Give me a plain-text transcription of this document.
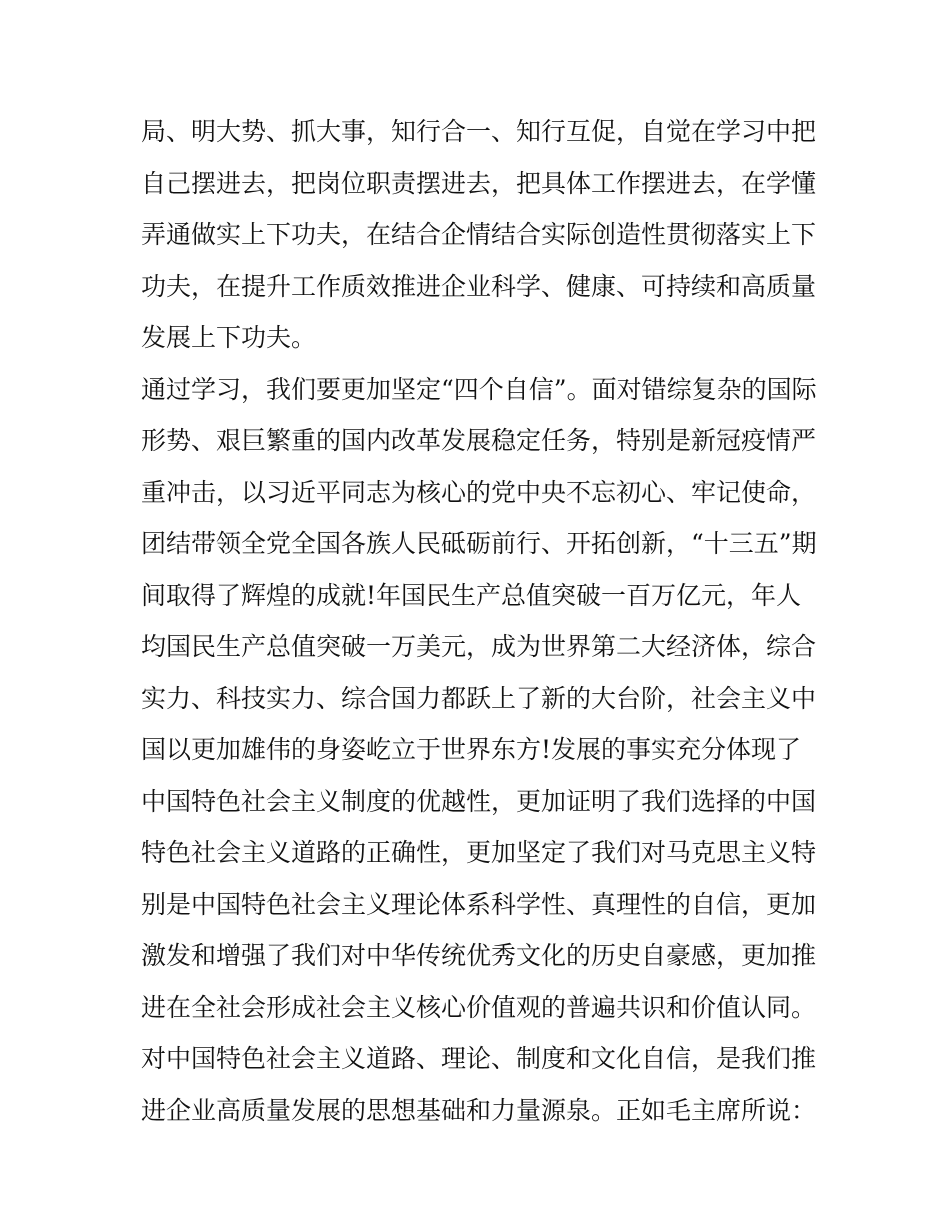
局、明大势、抓大事，知行合一、知行互促，自觉在学习中把
自己摆进去，把岗位职责摆进去，把具体工作摆进去，在学懂
弄通做实上下功夫，在结合企情结合实际创造性贯彻落实上下
功夫，在提升工作质效推进企业科学、健康、可持续和高质量
发展上下功夫。
通过学习，我们要更加坚定“四个自信”。面对错综复杂的国际
形势、艰巨繁重的国内改革发展稳定任务，特别是新冠疫情严
重冲击，以习近平同志为核心的党中央不忘初心、牢记使命，
团结带领全党全国各族人民砥砺前行、开拓创新，“十三五”期
间取得了辉煌的成就!年国民生产总值突破一百万亿元，年人
均国民生产总值突破一万美元，成为世界第二大经济体，综合
实力、科技实力、综合国力都跃上了新的大台阶，社会主义中
国以更加雄伟的身姿屹立于世界东方!发展的事实充分体现了
中国特色社会主义制度的优越性，更加证明了我们选择的中国
特色社会主义道路的正确性，更加坚定了我们对马克思主义特
别是中国特色社会主义理论体系科学性、真理性的自信，更加
激发和增强了我们对中华传统优秀文化的历史自豪感，更加推
进在全社会形成社会主义核心价值观的普遍共识和价值认同。
对中国特色社会主义道路、理论、制度和文化自信，是我们推
进企业高质量发展的思想基础和力量源泉。正如毛主席所说：
